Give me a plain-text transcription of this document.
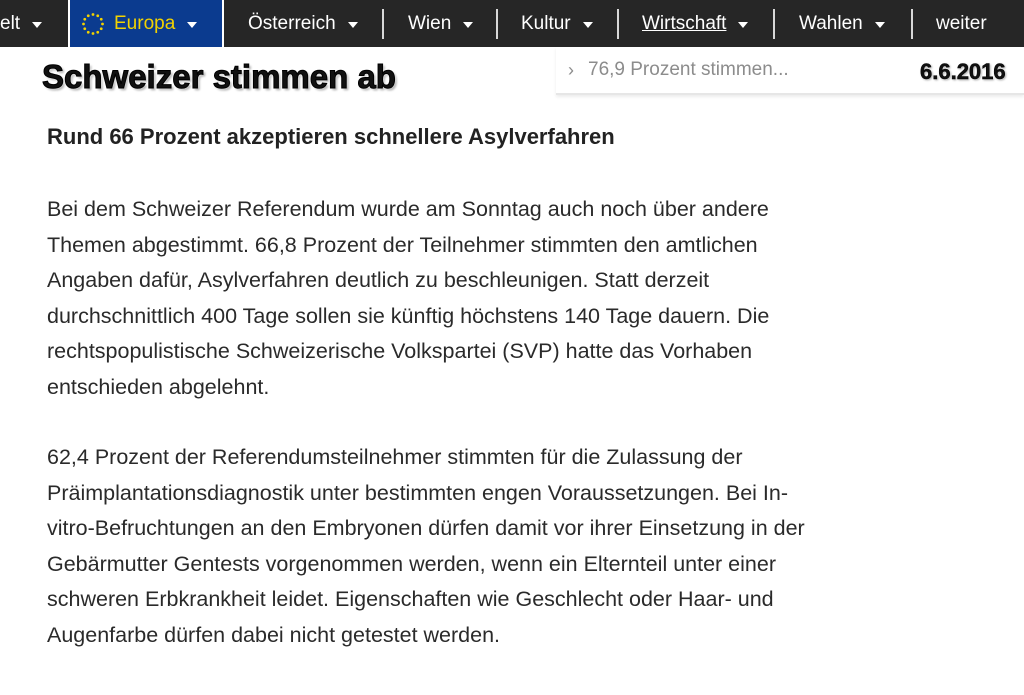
elt	Europa	Österreich	Wien	Kultur	Wirtschaft	Wahlen	weiter
› 76,9 Prozent stimmen...
Schweizer stimmen ab	6.6.2016
Rund 66 Prozent akzeptieren schnellere Asylverfahren

Bei dem Schweizer Referendum wurde am Sonntag auch noch über andere
Themen abgestimmt. 66,8 Prozent der Teilnehmer stimmten den amtlichen
Angaben dafür, Asylverfahren deutlich zu beschleunigen. Statt derzeit
durchschnittlich 400 Tage sollen sie künftig höchstens 140 Tage dauern. Die
rechtspopulistische Schweizerische Volkspartei (SVP) hatte das Vorhaben
entschieden abgelehnt.

62,4 Prozent der Referendumsteilnehmer stimmten für die Zulassung der
Präimplantationsdiagnostik unter bestimmten engen Voraussetzungen. Bei In-
vitro-Befruchtungen an den Embryonen dürfen damit vor ihrer Einsetzung in der
Gebärmutter Gentests vorgenommen werden, wenn ein Elternteil unter einer
schweren Erbkrankheit leidet. Eigenschaften wie Geschlecht oder Haar- und
Augenfarbe dürfen dabei nicht getestet werden.
